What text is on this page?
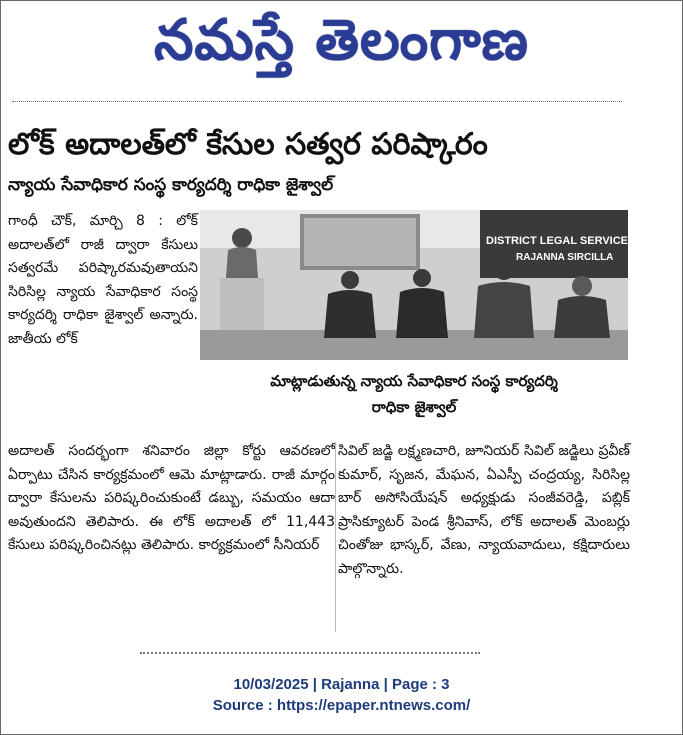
నమస్తే తెలంగాణ
లోక్ అదాలత్‌లో కేసుల సత్వర పరిష్కారం
న్యాయ సేవాధికార సంస్థ కార్యదర్శి రాధికా జైశ్వాల్
గాంధీ చౌక్, మార్చి 8 : లోక్ అదాలత్‌లో రాజీ ద్వారా కేసులు సత్వరమే పరిష్కారమవుతాయని సిరిసిల్ల న్యాయ సేవాధికార సంస్థ కార్యదర్శి రాధికా జైశ్వాల్ అన్నారు. జాతీయ లోక్
DISTRICT LEGAL SERVICES A
RAJANNA SIRCILLA
మాట్లాడుతున్న న్యాయ సేవాధికార సంస్థ కార్యదర్శి
రాధికా జైశ్వాల్
అదాలత్ సందర్భంగా శనివారం జిల్లా కోర్టు ఆవరణలో ఏర్పాటు చేసిన కార్యక్రమంలో ఆమె మాట్లాడారు. రాజీ మార్గం ద్వారా కేసులను పరిష్కరించుకుంటే డబ్బు, సమయం ఆదా అవుతుందని తెలిపారు. ఈ లోక్ అదాలత్ లో 11,443 కేసులు పరిష్కరించినట్లు తెలిపారు. కార్యక్రమంలో సీనియర్
సివిల్ జడ్జి లక్ష్మణచారి, జూనియర్ సివిల్ జడ్జిలు ప్రవీణ్ కుమార్, సృజన, మేఘన, ఏఎస్పీ చంద్రయ్య, సిరిసిల్ల బార్ అసోసియేషన్ అధ్యక్షుడు సంజీవరెడ్డి, పబ్లిక్ ప్రాసిక్యూటర్ పెండ శ్రీనివాస్, లోక్ అదాలత్ మెంబర్లు చింతోజు భాస్కర్, వేణు, న్యాయవాదులు, కక్షిదారులు పాల్గొన్నారు.
10/03/2025 | Rajanna | Page : 3
Source : https://epaper.ntnews.com/
